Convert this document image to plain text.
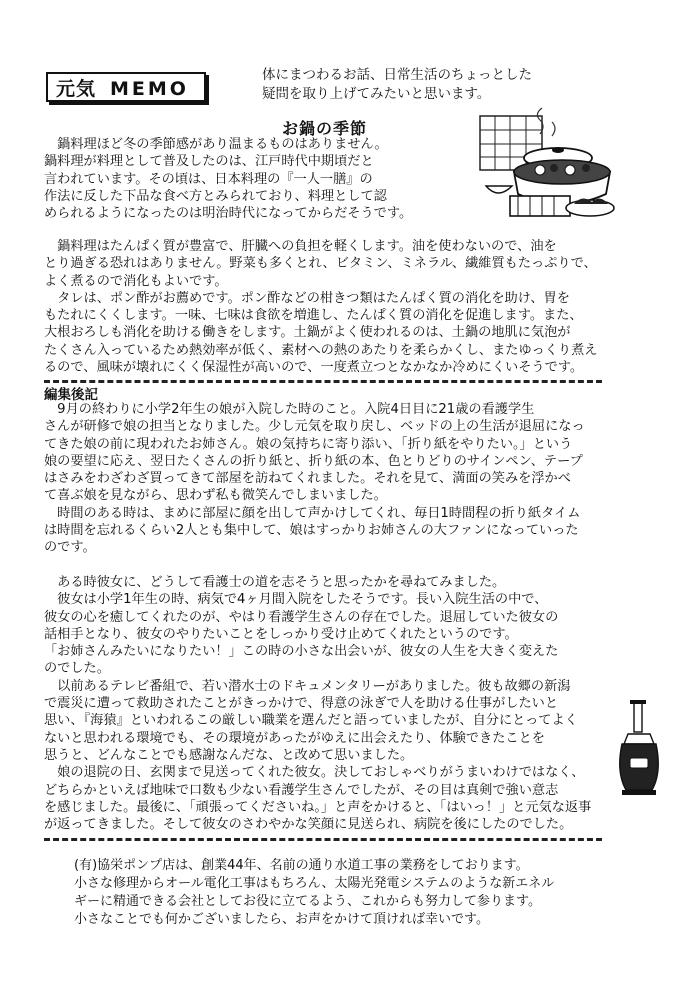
元気 MEMO
体にまつわるお話、日常生活のちょっとした
疑問を取り上げてみたいと思います。
お鍋の季節
　鍋料理ほど冬の季節感があり温まるものはありません。
鍋料理が料理として普及したのは、江戸時代中期頃だと
言われています。その頃は、日本料理の『一人一膳』の
作法に反した下品な食べ方とみられており、料理として認
められるようになったのは明治時代になってからだそうです。
　鍋料理はたんぱく質が豊富で、肝臓への負担を軽くします。油を使わないので、油を
とり過ぎる恐れはありません。野菜も多くとれ、ビタミン、ミネラル、繊維質もたっぷりで、
よく煮るので消化もよいです。
　タレは、ポン酢がお薦めです。ポン酢などの柑きつ類はたんぱく質の消化を助け、胃を
もたれにくくします。一味、七味は食欲を増進し、たんぱく質の消化を促進します。また、
大根おろしも消化を助ける働きをします。土鍋がよく使われるのは、土鍋の地肌に気泡が
たくさん入っているため熱効率が低く、素材への熱のあたりを柔らかくし、またゆっくり煮え
るので、風味が壊れにくく保湿性が高いので、一度煮立つとなかなか冷めにくいそうです。
編集後記
　9月の終わりに小学2年生の娘が入院した時のこと。入院4日目に21歳の看護学生
さんが研修で娘の担当となりました。少し元気を取り戻し、ベッドの上の生活が退屈になっ
てきた娘の前に現われたお姉さん。娘の気持ちに寄り添い、「折り紙をやりたい。」という
娘の要望に応え、翌日たくさんの折り紙と、折り紙の本、色とりどりのサインペン、テープ
はさみをわざわざ買ってきて部屋を訪ねてくれました。それを見て、満面の笑みを浮かべ
て喜ぶ娘を見ながら、思わず私も微笑んでしまいました。
　時間のある時は、まめに部屋に顔を出して声かけしてくれ、毎日1時間程の折り紙タイム
は時間を忘れるくらい2人とも集中して、娘はすっかりお姉さんの大ファンになっていった
のです。
　ある時彼女に、どうして看護士の道を志そうと思ったかを尋ねてみました。
　彼女は小学1年生の時、病気で4ヶ月間入院をしたそうです。長い入院生活の中で、
彼女の心を癒してくれたのが、やはり看護学生さんの存在でした。退屈していた彼女の
話相手となり、彼女のやりたいことをしっかり受け止めてくれたというのです。
「お姉さんみたいになりたい！」この時の小さな出会いが、彼女の人生を大きく変えた
のでした。
　以前あるテレビ番組で、若い潜水士のドキュメンタリーがありました。彼も故郷の新潟
で震災に遭って救助されたことがきっかけで、得意の泳ぎで人を助ける仕事がしたいと
思い、『海猿』といわれるこの厳しい職業を選んだと語っていましたが、自分にとってよく
ないと思われる環境でも、その環境があったがゆえに出会えたり、体験できたことを
思うと、どんなことでも感謝なんだな、と改めて思いました。
　娘の退院の日、玄関まで見送ってくれた彼女。決しておしゃべりがうまいわけではなく、
どちらかといえば地味で口数も少ない看護学生さんでしたが、その目は真剣で強い意志
を感じました。最後に、「頑張ってくださいね。」と声をかけると、「はいっ！」と元気な返事
が返ってきました。そして彼女のさわやかな笑顔に見送られ、病院を後にしたのでした。
(有)協栄ポンプ店は、創業44年、名前の通り水道工事の業務をしております。
小さな修理からオール電化工事はもちろん、太陽光発電システムのような新エネル
ギーに精通できる会社としてお役に立てるよう、これからも努力して参ります。
小さなことでも何かございましたら、お声をかけて頂ければ幸いです。
